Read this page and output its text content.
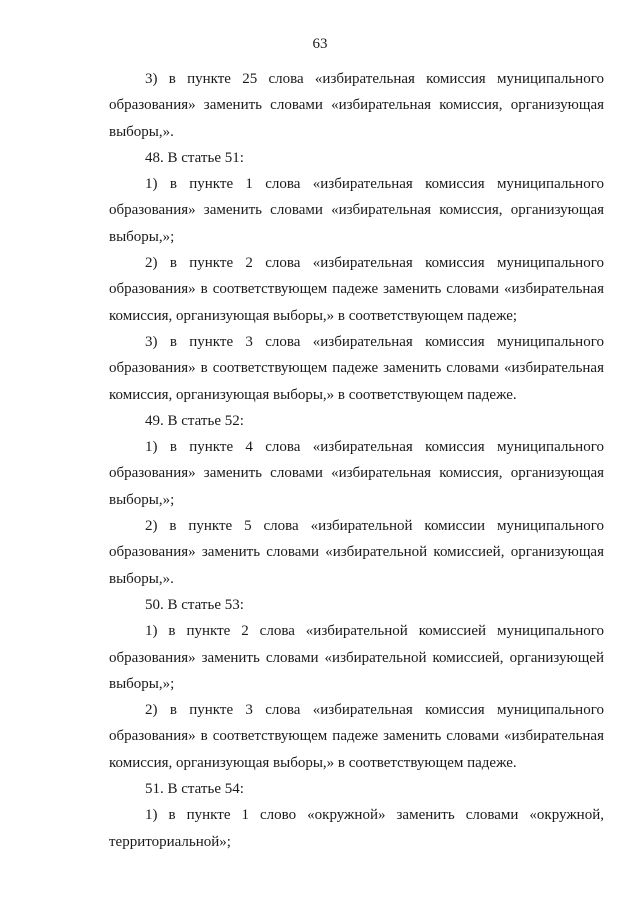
63

3) в пункте 25 слова «избирательная комиссия муниципального образования» заменить словами «избирательная комиссия, организующая выборы,».

48. В статье 51:

1) в пункте 1 слова «избирательная комиссия муниципального образования» заменить словами «избирательная комиссия, организующая выборы,»;

2) в пункте 2 слова «избирательная комиссия муниципального образования» в соответствующем падеже заменить словами «избирательная комиссия, организующая выборы,» в соответствующем падеже;

3) в пункте 3 слова «избирательная комиссия муниципального образования» в соответствующем падеже заменить словами «избирательная комиссия, организующая выборы,» в соответствующем падеже.

49. В статье 52:

1) в пункте 4 слова «избирательная комиссия муниципального образования» заменить словами «избирательная комиссия, организующая выборы,»;

2) в пункте 5 слова «избирательной комиссии муниципального образования» заменить словами «избирательной комиссией, организующая выборы,».

50. В статье 53:

1) в пункте 2 слова «избирательной комиссией муниципального образования» заменить словами «избирательной комиссией, организующей выборы,»;

2) в пункте 3 слова «избирательная комиссия муниципального образования» в соответствующем падеже заменить словами «избирательная комиссия, организующая выборы,» в соответствующем падеже.

51. В статье 54:

1) в пункте 1 слово «окружной» заменить словами «окружной, территориальной»;
